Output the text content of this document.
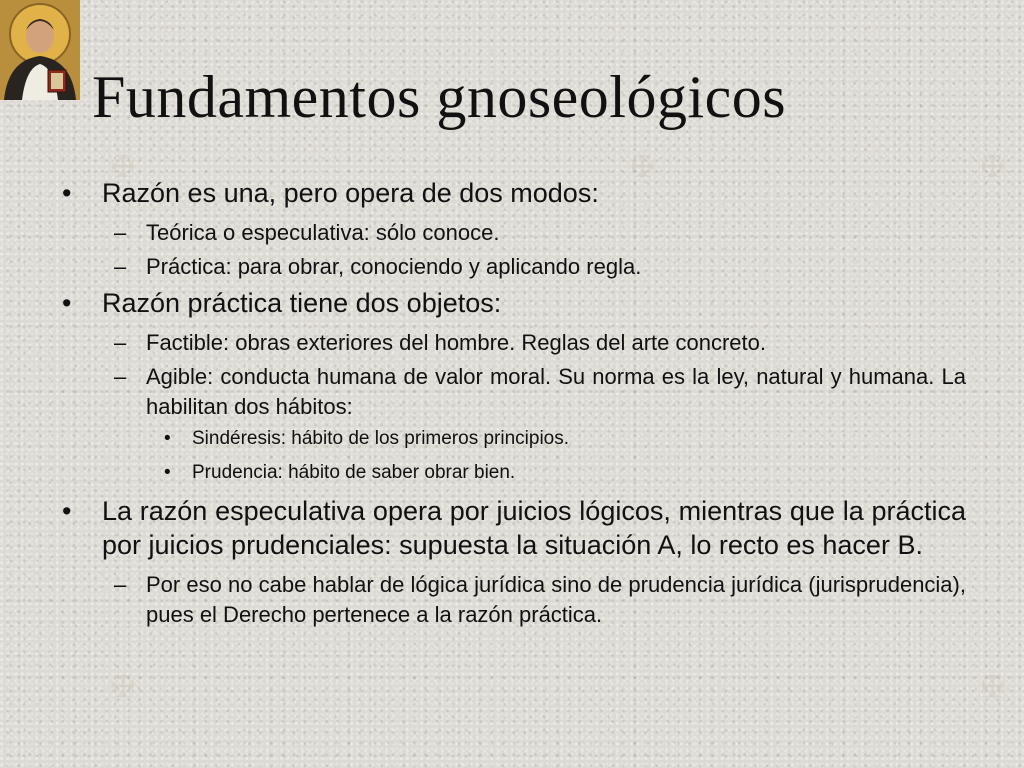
✠	✠	✠
✠	✠
Fundamentos gnoseológicos
• Razón es una, pero opera de dos modos:
– Teórica o especulativa: sólo conoce.
– Práctica: para obrar, conociendo y aplicando regla.
• Razón práctica tiene dos objetos:
– Factible: obras exteriores del hombre. Reglas del arte concreto.
– Agible: conducta humana de valor moral. Su norma es la ley, natural y humana. La habilitan dos hábitos:
• Sindéresis: hábito de los primeros principios.
• Prudencia: hábito de saber obrar bien.
• La razón especulativa opera por juicios lógicos, mientras que la práctica por juicios prudenciales: supuesta la situación A, lo recto es hacer B.
– Por eso no cabe hablar de lógica jurídica sino de prudencia jurídica (jurisprudencia), pues el Derecho pertenece a la razón práctica.
